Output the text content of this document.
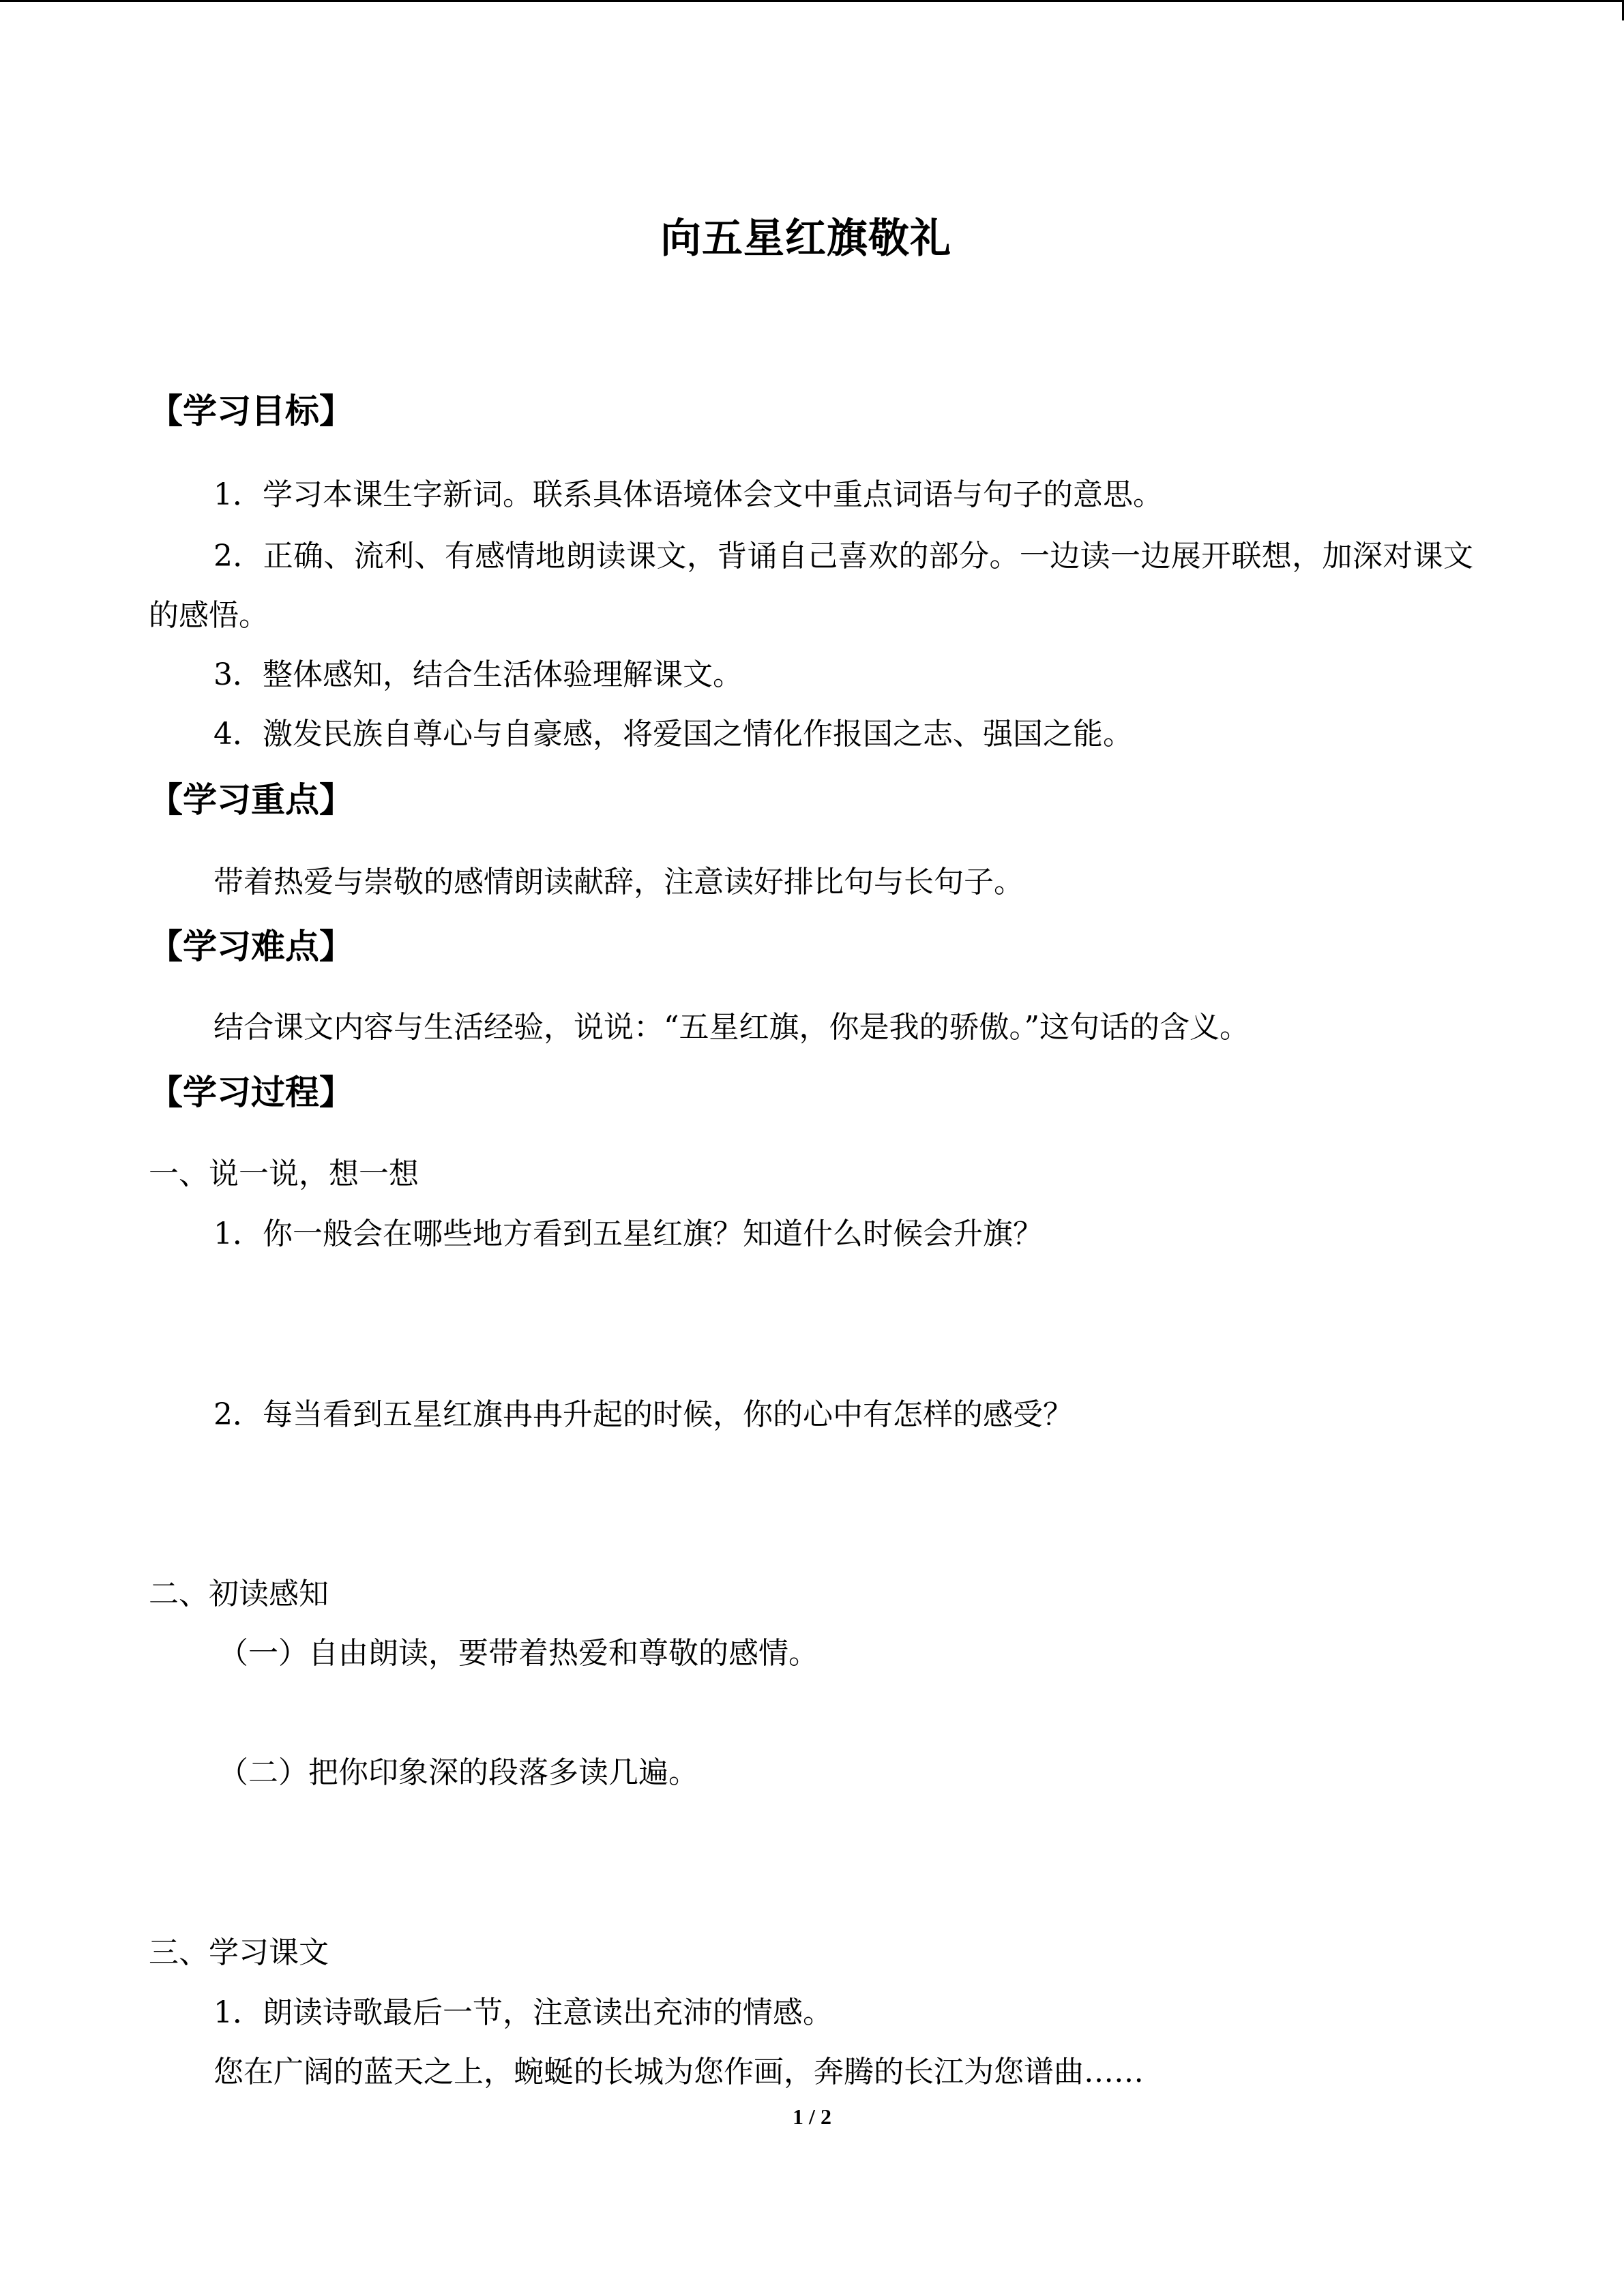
向五星红旗敬礼
【学习目标】
1．学习本课生字新词。联系具体语境体会文中重点词语与句子的意思。
2．正确、流利、有感情地朗读课文，背诵自己喜欢的部分。一边读一边展开联想，加深对课文的感悟。
3．整体感知，结合生活体验理解课文。
4．激发民族自尊心与自豪感，将爱国之情化作报国之志、强国之能。
【学习重点】
带着热爱与崇敬的感情朗读献辞，注意读好排比句与长句子。
【学习难点】
结合课文内容与生活经验，说说：“五星红旗，你是我的骄傲。”这句话的含义。
【学习过程】
一、说一说，想一想
1．你一般会在哪些地方看到五星红旗？知道什么时候会升旗？
2．每当看到五星红旗冉冉升起的时候，你的心中有怎样的感受？
二、初读感知
（一）自由朗读，要带着热爱和尊敬的感情。
（二）把你印象深的段落多读几遍。
三、学习课文
1．朗读诗歌最后一节，注意读出充沛的情感。
您在广阔的蓝天之上，蜿蜒的长城为您作画，奔腾的长江为您谱曲……
1 / 2
